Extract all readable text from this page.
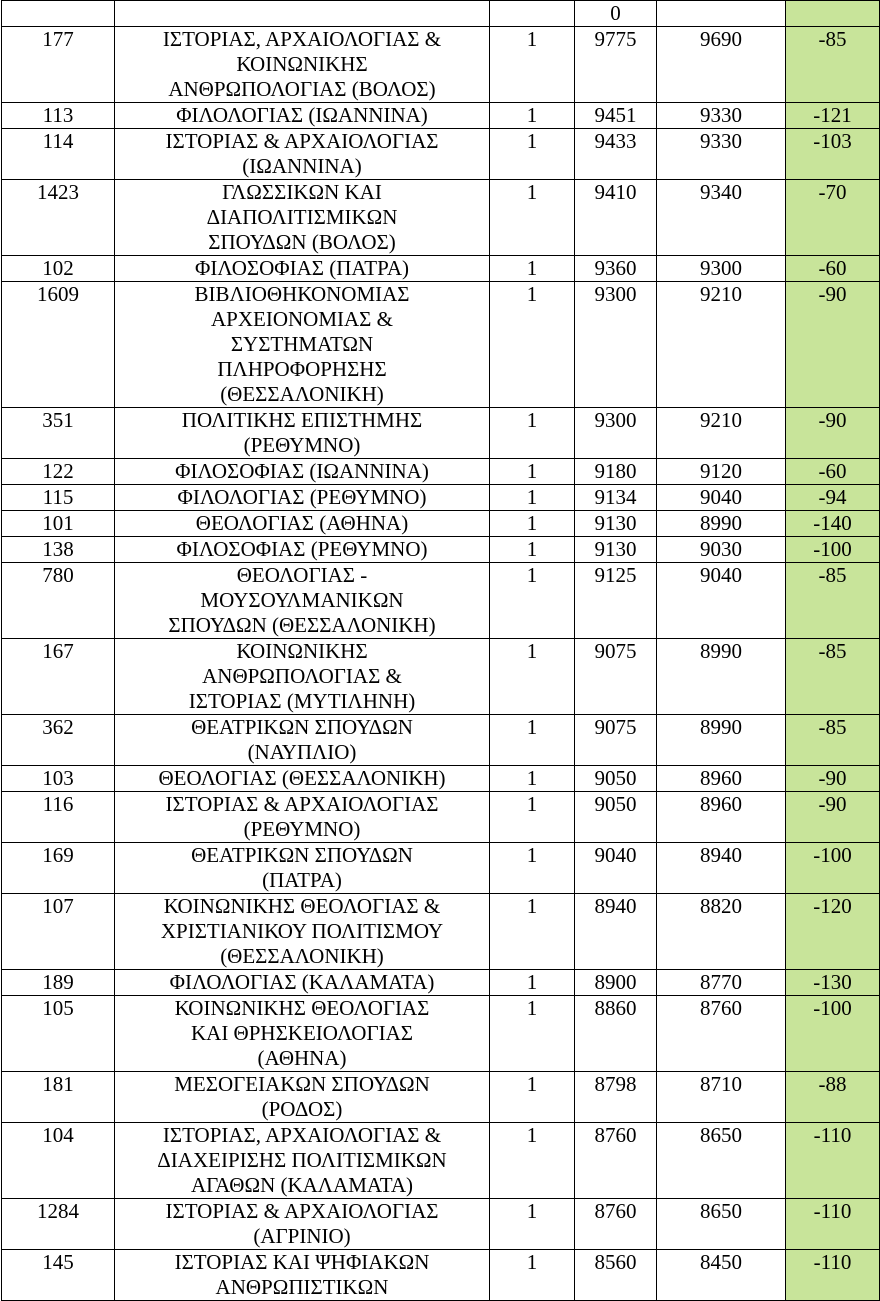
			0		
177	ΙΣΤΟΡΙΑΣ, ΑΡΧΑΙΟΛΟΓΙΑΣ &
ΚΟΙΝΩΝΙΚΗΣ
ΑΝΘΡΩΠΟΛΟΓΙΑΣ (ΒΟΛΟΣ)	1	9775	9690	-85
113	ΦΙΛΟΛΟΓΙΑΣ (ΙΩΑΝΝΙΝΑ)	1	9451	9330	-121
114	ΙΣΤΟΡΙΑΣ & ΑΡΧΑΙΟΛΟΓΙΑΣ
(ΙΩΑΝΝΙΝΑ)	1	9433	9330	-103
1423	ΓΛΩΣΣΙΚΩΝ ΚΑΙ
ΔΙΑΠΟΛΙΤΙΣΜΙΚΩΝ
ΣΠΟΥΔΩΝ (ΒΟΛΟΣ)	1	9410	9340	-70
102	ΦΙΛΟΣΟΦΙΑΣ (ΠΑΤΡΑ)	1	9360	9300	-60
1609	ΒΙΒΛΙΟΘΗΚΟΝΟΜΙΑΣ
ΑΡΧΕΙΟΝΟΜΙΑΣ &
ΣΥΣΤΗΜΑΤΩΝ
ΠΛΗΡΟΦΟΡΗΣΗΣ
(ΘΕΣΣΑΛΟΝΙΚΗ)	1	9300	9210	-90
351	ΠΟΛΙΤΙΚΗΣ ΕΠΙΣΤΗΜΗΣ
(ΡΕΘΥΜΝΟ)	1	9300	9210	-90
122	ΦΙΛΟΣΟΦΙΑΣ (ΙΩΑΝΝΙΝΑ)	1	9180	9120	-60
115	ΦΙΛΟΛΟΓΙΑΣ (ΡΕΘΥΜΝΟ)	1	9134	9040	-94
101	ΘΕΟΛΟΓΙΑΣ (ΑΘΗΝΑ)	1	9130	8990	-140
138	ΦΙΛΟΣΟΦΙΑΣ (ΡΕΘΥΜΝΟ)	1	9130	9030	-100
780	ΘΕΟΛΟΓΙΑΣ -
ΜΟΥΣΟΥΛΜΑΝΙΚΩΝ
ΣΠΟΥΔΩΝ (ΘΕΣΣΑΛΟΝΙΚΗ)	1	9125	9040	-85
167	ΚΟΙΝΩΝΙΚΗΣ
ΑΝΘΡΩΠΟΛΟΓΙΑΣ &
ΙΣΤΟΡΙΑΣ (ΜΥΤΙΛΗΝΗ)	1	9075	8990	-85
362	ΘΕΑΤΡΙΚΩΝ ΣΠΟΥΔΩΝ
(ΝΑΥΠΛΙΟ)	1	9075	8990	-85
103	ΘΕΟΛΟΓΙΑΣ (ΘΕΣΣΑΛΟΝΙΚΗ)	1	9050	8960	-90
116	ΙΣΤΟΡΙΑΣ & ΑΡΧΑΙΟΛΟΓΙΑΣ
(ΡΕΘΥΜΝΟ)	1	9050	8960	-90
169	ΘΕΑΤΡΙΚΩΝ ΣΠΟΥΔΩΝ
(ΠΑΤΡΑ)	1	9040	8940	-100
107	ΚΟΙΝΩΝΙΚΗΣ ΘΕΟΛΟΓΙΑΣ &
ΧΡΙΣΤΙΑΝΙΚΟΥ ΠΟΛΙΤΙΣΜΟΥ
(ΘΕΣΣΑΛΟΝΙΚΗ)	1	8940	8820	-120
189	ΦΙΛΟΛΟΓΙΑΣ (ΚΑΛΑΜΑΤΑ)	1	8900	8770	-130
105	ΚΟΙΝΩΝΙΚΗΣ ΘΕΟΛΟΓΙΑΣ
ΚΑΙ ΘΡΗΣΚΕΙΟΛΟΓΙΑΣ
(ΑΘΗΝΑ)	1	8860	8760	-100
181	ΜΕΣΟΓΕΙΑΚΩΝ ΣΠΟΥΔΩΝ
(ΡΟΔΟΣ)	1	8798	8710	-88
104	ΙΣΤΟΡΙΑΣ, ΑΡΧΑΙΟΛΟΓΙΑΣ &
ΔΙΑΧΕΙΡΙΣΗΣ ΠΟΛΙΤΙΣΜΙΚΩΝ
ΑΓΑΘΩΝ (ΚΑΛΑΜΑΤΑ)	1	8760	8650	-110
1284	ΙΣΤΟΡΙΑΣ & ΑΡΧΑΙΟΛΟΓΙΑΣ
(ΑΓΡΙΝΙΟ)	1	8760	8650	-110
145	ΙΣΤΟΡΙΑΣ ΚΑΙ ΨΗΦΙΑΚΩΝ
ΑΝΘΡΩΠΙΣΤΙΚΩΝ	1	8560	8450	-110
